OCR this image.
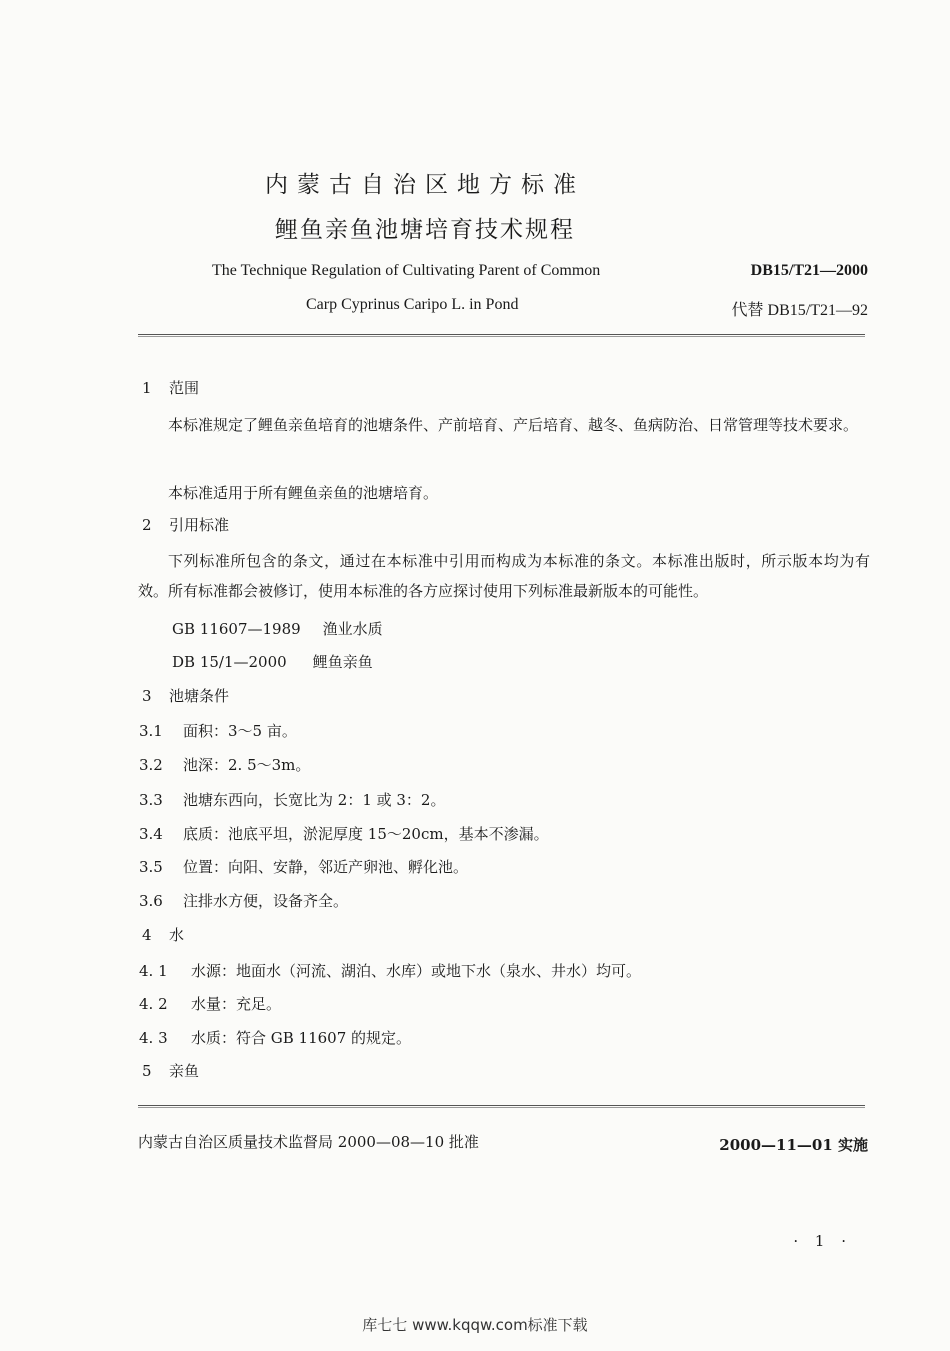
内蒙古自治区地方标准
鲤鱼亲鱼池塘培育技术规程
The Technique Regulation of Cultivating Parent of Common
Carp Cyprinus Caripo L. in Pond
DB15/T21—2000
代替 DB15/T21—92
1 范围
本标准规定了鲤鱼亲鱼培育的池塘条件、产前培育、产后培育、越冬、鱼病防治、日常管理等技术要求。
本标准适用于所有鲤鱼亲鱼的池塘培育。
2 引用标准
下列标准所包含的条文，通过在本标准中引用而构成为本标准的条文。本标准出版时，所示版本均为有效。所有标准都会被修订，使用本标准的各方应探讨使用下列标准最新版本的可能性。
GB 11607—1989 渔业水质
DB 15/1—2000 鲤鱼亲鱼
3 池塘条件
3.1 面积：3～5 亩。
3.2 池深：2. 5～3m。
3.3 池塘东西向，长宽比为 2：1 或 3：2。
3.4 底质：池底平坦，淤泥厚度 15～20cm，基本不渗漏。
3.5 位置：向阳、安静，邻近产卵池、孵化池。
3.6 注排水方便，设备齐全。
4 水
4. 1 水源：地面水（河流、湖泊、水库）或地下水（泉水、井水）均可。
4. 2 水量：充足。
4. 3 水质：符合 GB 11607 的规定。
5 亲鱼
内蒙古自治区质量技术监督局 2000—08—10 批准	2000—11—01 实施
· 1 ·
库七七 www.kqqw.com标准下载
